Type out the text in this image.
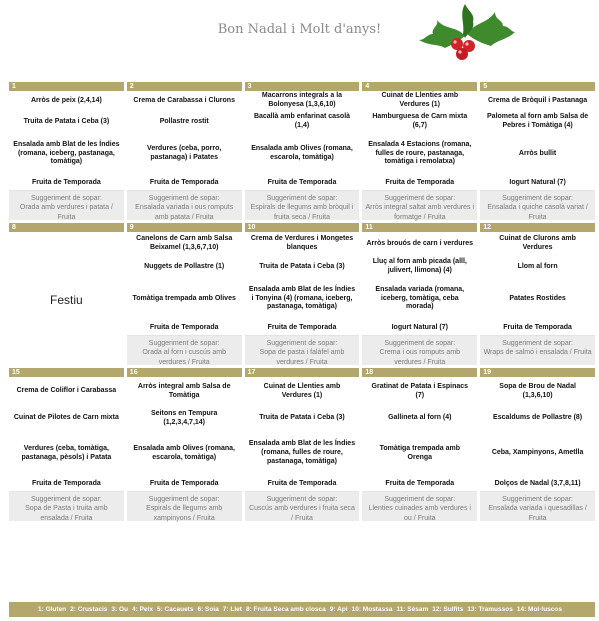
Bon Nadal i Molt d'anys!
1
Arròs de peix (2,4,14)
Truita de Patata i Ceba (3)
Ensalada amb Blat de les Índies (romana, iceberg, pastanaga, tomàtiga)
Fruita de Temporada
Suggeriment de sopar:
Orada amb verdures i patata / Fruita
2
Crema de Carabassa i Clurons
Pollastre rostit
Verdures (ceba, porro, pastanaga) i Patates
Fruita de Temporada
Suggeriment de sopar:
Ensalada variada i ous romputs amb patata / Fruita
3
Macarrons integrals a la Bolonyesa (1,3,6,10)
Bacallà amb enfarinat casolà (1,4)
Ensalada amb Olives (romana, escarola, tomàtiga)
Fruita de Temporada
Suggeriment de sopar:
Espirals de llegums amb bròquil i fruita seca / Fruita
4
Cuinat de Llenties amb Verdures (1)
Hamburguesa de Carn mixta (6,7)
Ensalada 4 Estacions (romana, fulles de roure, pastanaga, tomàtiga i remolatxa)
Fruita de Temporada
Suggeriment de sopar:
Arròs integral saltat amb verdures i formatge / Fruita
5
Crema de Bròquil i Pastanaga
Palometa al forn amb Salsa de Pebres i Tomàtiga (4)
Arròs bullit
Iogurt Natural (7)
Suggeriment de sopar:
Ensalada i quiche casolà variat / Fruita
8
Festiu
9
Canelons de Carn amb Salsa Beixamel (1,3,6,7,10)
Nuggets de Pollastre (1)
Tomàtiga trempada amb Olives
Fruita de Temporada
Suggeriment de sopar:
Orada al forn i cuscús amb verdures / Fruita
10
Crema de Verdures i Mongetes blanques
Truita de Patata i Ceba (3)
Ensalada amb Blat de les Índies i Tonyina (4) (romana, iceberg, pastanaga, tomàtiga)
Fruita de Temporada
Suggeriment de sopar:
Sopa de pasta i falàfel amb verdures / Fruita
11
Arròs brouós de carn i verdures
Lluç al forn amb picada (alll, julivert, llimona) (4)
Ensalada variada (romana, iceberg, tomàtiga, ceba morada)
Iogurt Natural (7)
Suggeriment de sopar:
Crema i ous romputs amb verdures / Fruita
12
Cuinat de Clurons amb Verdures
Llom al forn
Patates Rostides
Fruita de Temporada
Suggeriment de sopar:
Wraps de salmó i ensalada / Fruita
15
Crema de Coliflor i Carabassa
Cuinat de Pilotes de Carn mixta
Verdures (ceba, tomàtiga, pastanaga, pèsols) i Patata
Fruita de Temporada
Suggeriment de sopar:
Sopa de Pasta i truita amb ensalada / Fruita
16
Arròs integral amb Salsa de Tomàtiga
Seitons en Tempura (1,2,3,4,7,14)
Ensalada amb Olives (romana, escarola, tomàtiga)
Fruita de Temporada
Suggeriment de sopar:
Espirals de llegums amb xampinyons / Fruita
17
Cuinat de Llenties amb Verdures (1)
Truita de Patata i Ceba (3)
Ensalada amb Blat de les Índies (romana, fulles de roure, pastanaga, tomàtiga)
Fruita de Temporada
Suggeriment de sopar:
Cuscús amb verdures i fruita seca / Fruita
18
Gratinat de Patata i Espinacs (7)
Gallineta al forn (4)
Tomàtiga trempada amb Orenga
Fruita de Temporada
Suggeriment de sopar:
Llenties cuinades amb verdures i ou / Fruita
19
Sopa de Brou de Nadal (1,3,6,10)
Escaldums de Pollastre (8)
Ceba, Xampinyons, Ametlla
Dolços de Nadal (3,7,8,11)
Suggeriment de sopar:
Ensalada variada i quesadillas / Fruita
1: Gluten 2: Crustacis 3: Ou 4: Peix 5: Cacauets 6: Soia 7: Llet 8: Fruita Seca amb closca 9: Api 10: Mostassa 11: Sèsam 12: Sulfits 13: Tramussos 14: Mol·luscos
